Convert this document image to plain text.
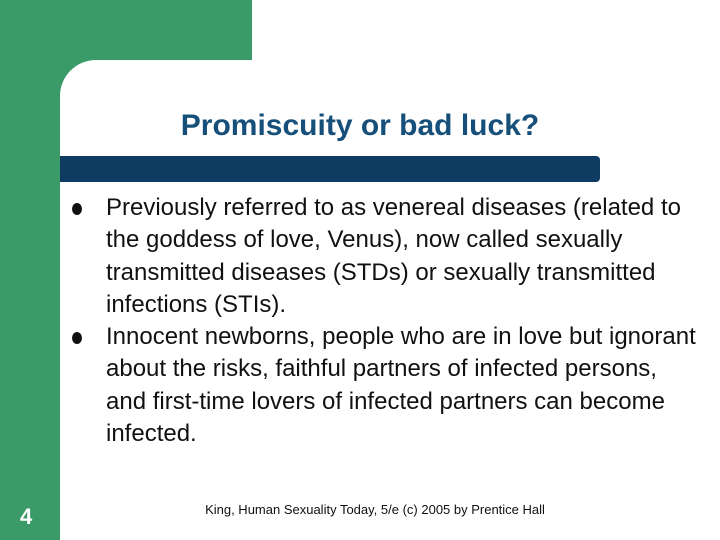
Promiscuity or bad luck?
Previously referred to as venereal diseases (related to the goddess of love, Venus), now called sexually transmitted diseases (STDs) or sexually transmitted infections (STIs).
Innocent newborns, people who are in love but ignorant about the risks, faithful partners of infected persons, and first-time lovers of infected partners can become infected.
4	King, Human Sexuality Today, 5/e (c) 2005 by Prentice Hall
